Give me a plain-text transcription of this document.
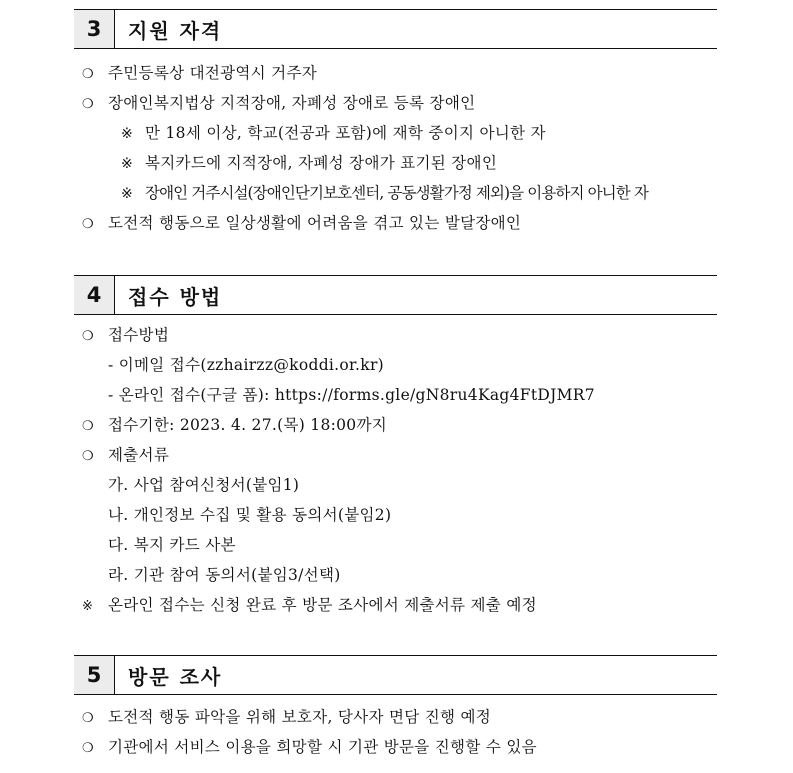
3	지원 자격
❍ 주민등록상 대전광역시 거주자
❍ 장애인복지법상 지적장애, 자폐성 장애로 등록 장애인
※ 만 18세 이상, 학교(전공과 포함)에 재학 중이지 아니한 자
※ 복지카드에 지적장애, 자폐성 장애가 표기된 장애인
※ 장애인 거주시설(장애인단기보호센터, 공동생활가정 제외)을 이용하지 아니한 자
❍ 도전적 행동으로 일상생활에 어려움을 겪고 있는 발달장애인
4	접수 방법
❍ 접수방법
- 이메일 접수(zzhairzz@koddi.or.kr)
- 온라인 접수(구글 폼): https://forms.gle/gN8ru4Kag4FtDJMR7
❍ 접수기한: 2023. 4. 27.(목) 18:00까지
❍ 제출서류
가. 사업 참여신청서(붙임1)
나. 개인정보 수집 및 활용 동의서(붙임2)
다. 복지 카드 사본
라. 기관 참여 동의서(붙임3/선택)
※ 온라인 접수는 신청 완료 후 방문 조사에서 제출서류 제출 예정
5	방문 조사
❍ 도전적 행동 파악을 위해 보호자, 당사자 면담 진행 예정
❍ 기관에서 서비스 이용을 희망할 시 기관 방문을 진행할 수 있음
